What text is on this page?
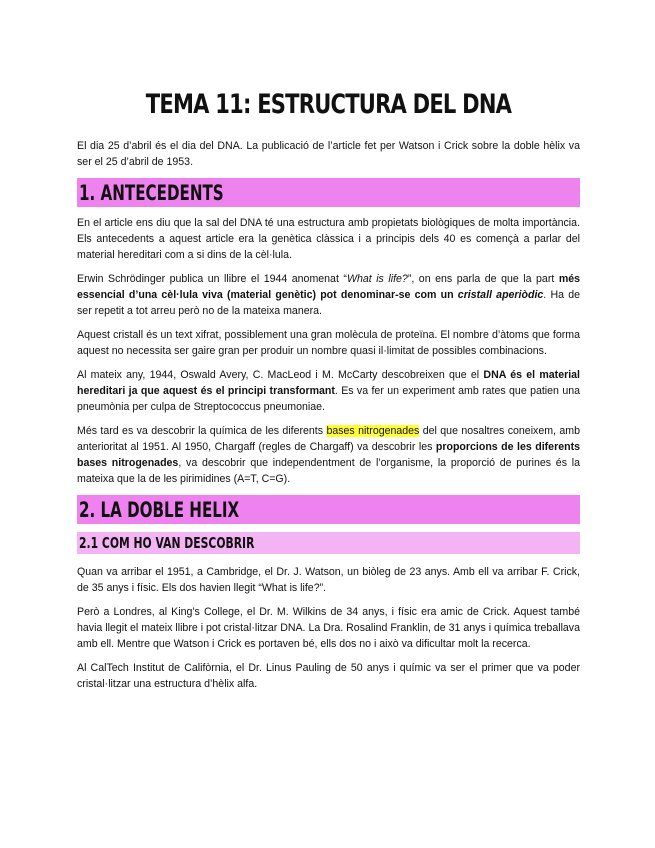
TEMA 11: ESTRUCTURA DEL DNA

El dia 25 d’abril és el dia del DNA. La publicació de l’article fet per Watson i Crick sobre la doble hèlix va ser el 25 d’abril de 1953.

1. ANTECEDENTS

En el article ens diu que la sal del DNA té una estructura amb propietats biològiques de molta importància. Els antecedents a aquest article era la genètica clàssica i a principis dels 40 es començà a parlar del material hereditari com a si dins de la cèl·lula.

Erwin Schrödinger publica un llibre el 1944 anomenat “What is life?”, on ens parla de que la part més essencial d’una cèl·lula viva (material genètic) pot denominar-se com un cristall aperiòdic. Ha de ser repetit a tot arreu però no de la mateixa manera.

Aquest cristall és un text xifrat, possiblement una gran molècula de proteïna. El nombre d’àtoms que forma aquest no necessita ser gaire gran per produir un nombre quasi il·limitat de possibles combinacions.

Al mateix any, 1944, Oswald Avery, C. MacLeod i M. McCarty descobreixen que el DNA és el material hereditari ja que aquest és el principi transformant. Es va fer un experiment amb rates que patien una pneumònia per culpa de Streptococcus pneumoniae.

Més tard es va descobrir la química de les diferents bases nitrogenades del que nosaltres coneixem, amb anterioritat al 1951. Al 1950, Chargaff (regles de Chargaff) va descobrir les proporcions de les diferents bases nitrogenades, va descobrir que independentment de l’organisme, la proporció de purines és la mateixa que la de les pirimidines (A=T, C=G).

2. LA DOBLE HELIX
2.1 COM HO VAN DESCOBRIR

Quan va arribar el 1951, a Cambridge, el Dr. J. Watson, un biòleg de 23 anys. Amb ell va arribar F. Crick, de 35 anys i físic. Els dos havien llegit “What is life?”.

Però a Londres, al King’s College, el Dr. M. Wilkins de 34 anys, i físic era amic de Crick. Aquest també havia llegit el mateix llibre i pot cristal·litzar DNA. La Dra. Rosalind Franklin, de 31 anys i química treballava amb ell. Mentre que Watson i Crick es portaven bé, ells dos no i això va dificultar molt la recerca.

Al CalTech Institut de Califòrnia, el Dr. Linus Pauling de 50 anys i químic va ser el primer que va poder cristal·litzar una estructura d’hèlix alfa.
